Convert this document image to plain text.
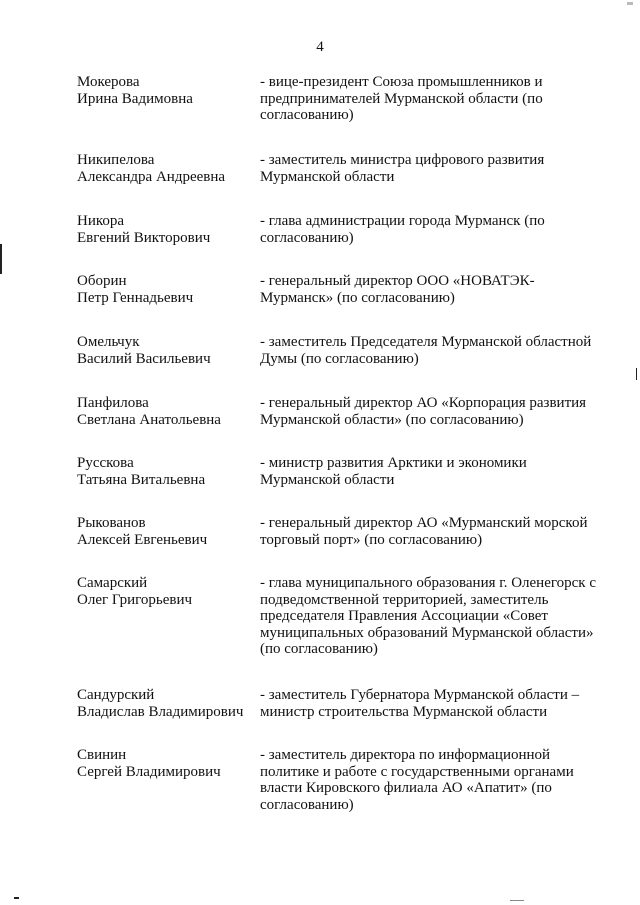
4
Мокерова
Ирина Вадимовна
- вице-президент Союза промышленников и
предпринимателей Мурманской области (по
согласованию)
Никипелова
Александра Андреевна
- заместитель министра цифрового развития
Мурманской области
Никора
Евгений Викторович
- глава администрации города Мурманск (по
согласованию)
Оборин
Петр Геннадьевич
- генеральный директор ООО «НОВАТЭК-
Мурманск» (по согласованию)
Омельчук
Василий Васильевич
- заместитель Председателя Мурманской областной
Думы (по согласованию)
Панфилова
Светлана Анатольевна
- генеральный директор АО «Корпорация развития
Мурманской области» (по согласованию)
Русскова
Татьяна Витальевна
- министр развития Арктики и экономики
Мурманской области
Рыкованов
Алексей Евгеньевич
- генеральный директор АО «Мурманский морской
торговый порт» (по согласованию)
Самарский
Олег Григорьевич
- глава муниципального образования г. Оленегорск с
подведомственной территорией, заместитель
председателя Правления Ассоциации «Совет
муниципальных образований Мурманской области»
(по согласованию)
Сандурский
Владислав Владимирович
- заместитель Губернатора Мурманской области –
министр строительства Мурманской области
Свинин
Сергей Владимирович
- заместитель директора по информационной
политике и работе с государственными органами
власти Кировского филиала АО «Апатит» (по
согласованию)
